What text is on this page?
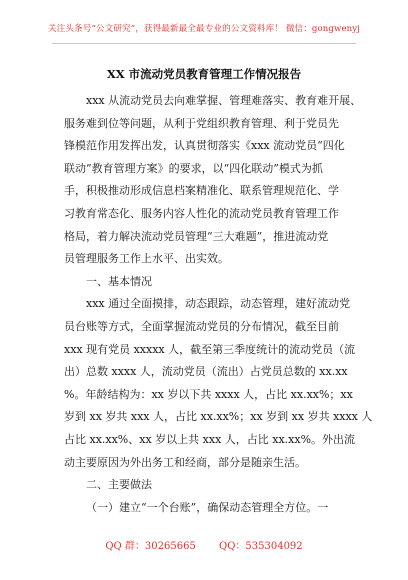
关注头条号“公文研究”，获得最新最全最专业的公文资料库！ 微信：gongwenyj
XX 市流动党员教育管理工作情况报告
xxx 从流动党员去向难掌握、管理难落实、教育难开展、
服务难到位等问题，从利于党组织教育管理、利于党员先
锋模范作用发挥出发，认真贯彻落实《xxx 流动党员“四化
联动”教育管理方案》的要求，以“四化联动”模式为抓
手，积极推动形成信息档案精准化、联系管理规范化、学
习教育常态化、服务内容人性化的流动党员教育管理工作
格局，着力解决流动党员管理“三大难题”，推进流动党
员管理服务工作上水平、出实效。
一、基本情况
xxx 通过全面摸排，动态跟踪，动态管理，建好流动党
员台账等方式，全面掌握流动党员的分布情况，截至目前
xxx 现有党员 xxxxx 人，截至第三季度统计的流动党员（流
出）总数 xxxx 人，流动党员（流出）占党员总数的 xx.xx
%。年龄结构为：xx 岁以下共 xxxx 人，占比 xx.xx%；xx
岁到 xx 岁共 xxx 人，占比 xx.xx%；xx 岁到 xx 岁共 xxxx 人
占比 xx.xx%、xx 岁以上共 xxx 人，占比 xx.xx%。外出流
动主要原因为外出务工和经商，部分是随亲生活。
二、主要做法
（一）建立“一个台账”，确保动态管理全方位。一
QQ 群：30265665 QQ：535304092
